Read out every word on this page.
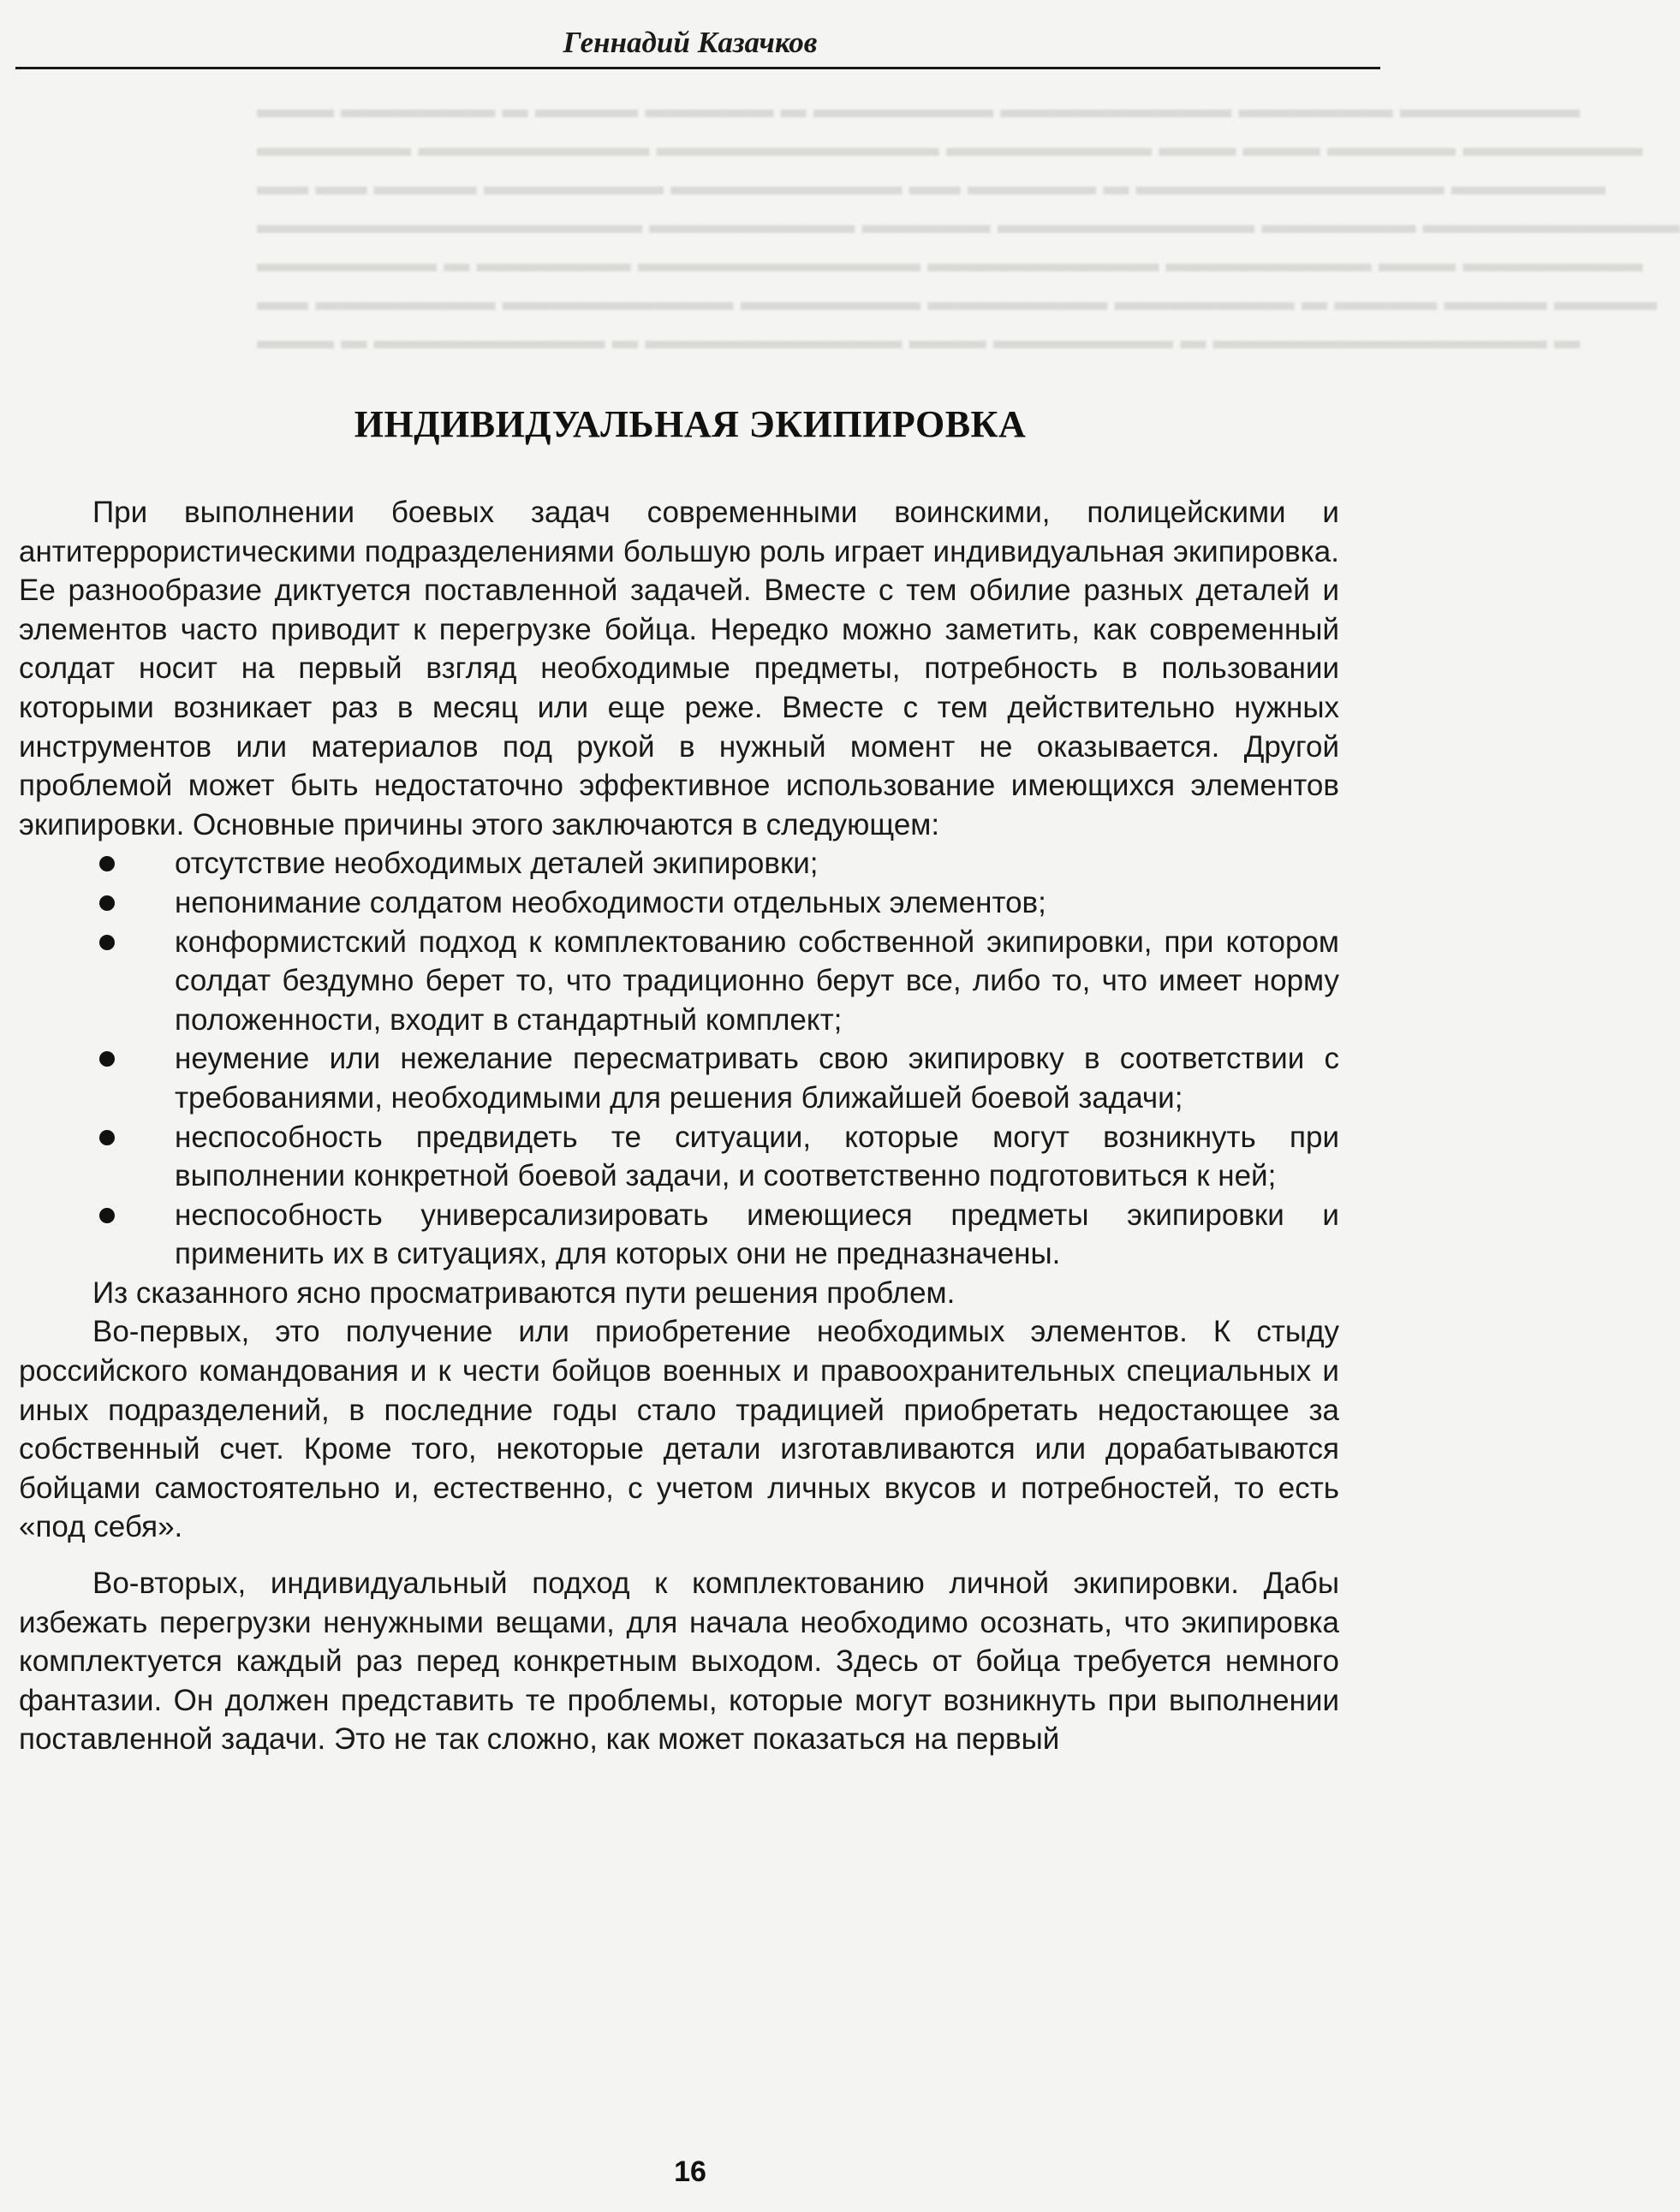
▬▬▬ ▬▬▬▬▬▬ ▬ ▬▬▬▬ ▬▬▬▬▬ ▬ ▬▬▬▬▬▬▬ ▬▬▬▬▬▬▬▬▬ ▬▬▬▬▬▬ ▬▬▬▬▬▬▬
▬▬▬▬▬▬ ▬▬▬▬▬▬▬▬▬ ▬▬▬▬▬▬▬▬▬▬▬ ▬▬▬▬▬▬▬▬ ▬▬▬ ▬▬▬ ▬▬▬▬▬ ▬▬▬▬▬▬▬
▬▬ ▬▬ ▬▬▬▬ ▬▬▬▬▬▬▬ ▬▬▬▬▬▬▬▬▬ ▬▬ ▬▬▬▬▬ ▬ ▬▬▬▬▬▬▬▬▬▬▬▬ ▬▬▬▬▬▬
▬▬▬▬▬▬▬▬▬▬▬▬▬▬▬ ▬▬▬▬▬▬▬▬ ▬▬▬▬▬ ▬▬▬▬▬▬▬▬▬▬ ▬▬▬▬▬▬ ▬▬▬▬▬▬▬▬▬▬
▬▬▬▬▬▬▬ ▬ ▬▬▬▬▬▬ ▬▬▬▬▬▬▬▬▬▬▬ ▬▬▬▬▬▬▬▬▬ ▬▬▬▬▬▬▬▬ ▬▬▬ ▬▬▬▬▬▬▬
▬▬ ▬▬▬▬▬▬▬ ▬▬▬▬▬▬▬▬▬ ▬▬▬▬▬▬▬ ▬▬▬▬▬▬▬ ▬▬▬▬▬▬▬ ▬ ▬▬▬▬ ▬▬▬▬ ▬▬▬▬
▬▬▬ ▬ ▬▬▬▬▬▬▬▬▬ ▬ ▬▬▬▬▬▬▬▬▬▬ ▬▬▬ ▬▬▬▬▬▬▬ ▬ ▬▬▬▬▬▬▬▬▬▬▬▬▬ ▬
Геннадий Казачков
ИНДИВИДУАЛЬНАЯ ЭКИПИРОВКА

При выполнении боевых задач современными воинскими, полицейскими и антитеррористическими подразделениями большую роль играет индивидуальная экипировка. Ее разнообразие диктуется поставленной задачей. Вместе с тем обилие разных деталей и элементов часто приводит к перегрузке бойца. Нередко можно заметить, как современный солдат носит на первый взгляд необходимые предметы, потребность в пользовании которыми возникает раз в месяц или еще реже. Вместе с тем действительно нужных инструментов или материалов под рукой в нужный момент не оказывается. Другой проблемой может быть недостаточно эффективное использование имеющихся элементов экипировки. Основные причины этого заключаются в следующем:

отсутствие необходимых деталей экипировки;
непонимание солдатом необходимости отдельных элементов;
конформистский подход к комплектованию собственной экипировки, при котором солдат бездумно берет то, что традиционно берут все, либо то, что имеет норму положенности, входит в стандартный комплект;
неумение или нежелание пересматривать свою экипировку в соответствии с требованиями, необходимыми для решения ближайшей боевой задачи;
неспособность предвидеть те ситуации, которые могут возникнуть при выполнении конкретной боевой задачи, и соответственно подготовиться к ней;
неспособность универсализировать имеющиеся предметы экипировки и применить их в ситуациях, для которых они не предназначены.

Из сказанного ясно просматриваются пути решения проблем.

Во-первых, это получение или приобретение необходимых элементов. К стыду российского командования и к чести бойцов военных и правоохранительных специальных и иных подразделений, в последние годы стало традицией приобретать недостающее за собственный счет. Кроме того, некоторые детали изготавливаются или дорабатываются бойцами самостоятельно и, естественно, с учетом личных вкусов и потребностей, то есть «под себя».

Во-вторых, индивидуальный подход к комплектованию личной экипировки. Дабы избежать перегрузки ненужными вещами, для начала необходимо осознать, что экипировка комплектуется каждый раз перед конкретным выходом. Здесь от бойца требуется немного фантазии. Он должен представить те проблемы, которые могут возникнуть при выполнении поставленной задачи. Это не так сложно, как может показаться на первый

16
